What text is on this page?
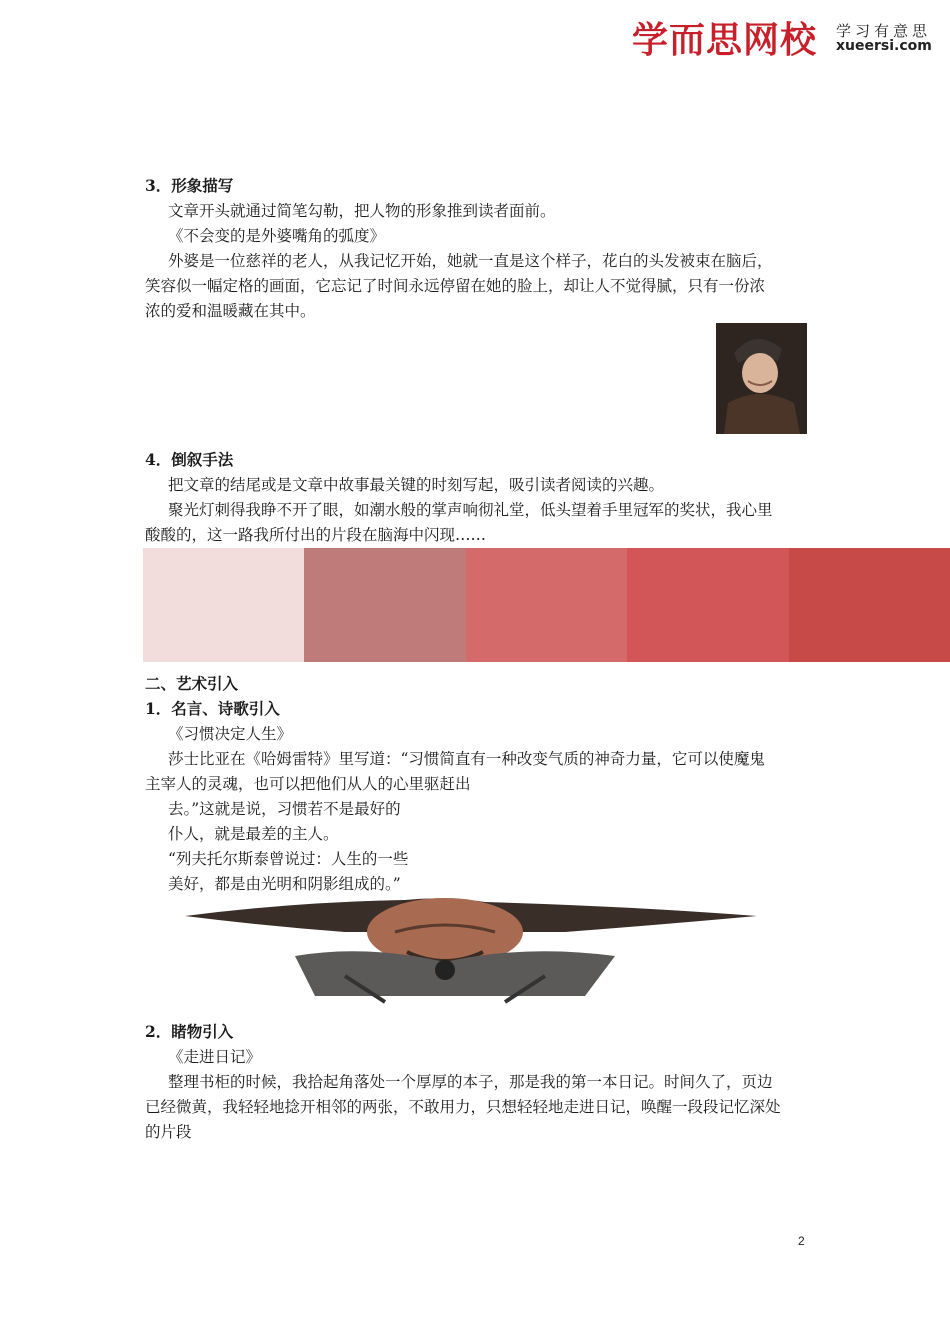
学而思网校 学习有意思
xueersi.com
3．形象描写
文章开头就通过简笔勾勒，把人物的形象推到读者面前。
《不会变的是外婆嘴角的弧度》
外婆是一位慈祥的老人，从我记忆开始，她就一直是这个样子，花白的头发被束在脑后，
笑容似一幅定格的画面，它忘记了时间永远停留在她的脸上，却让人不觉得腻，只有一份浓
浓的爱和温暖藏在其中。
4．倒叙手法
把文章的结尾或是文章中故事最关键的时刻写起，吸引读者阅读的兴趣。
聚光灯刺得我睁不开了眼，如潮水般的掌声响彻礼堂，低头望着手里冠军的奖状，我心里
酸酸的，这一路我所付出的片段在脑海中闪现……
二、艺术引入
1．名言、诗歌引入
《习惯决定人生》
莎士比亚在《哈姆雷特》里写道：“习惯简直有一种改变气质的神奇力量，它可以使魔鬼
主宰人的灵魂，也可以把他们从人的心里驱赶出
去。”这就是说，习惯若不是最好的
仆人，就是最差的主人。
“列夫托尔斯泰曾说过：人生的一些
美好，都是由光明和阴影组成的。”
2．睹物引入
《走进日记》
整理书柜的时候，我拾起角落处一个厚厚的本子，那是我的第一本日记。时间久了，页边
已经微黄，我轻轻地捻开相邻的两张，不敢用力，只想轻轻地走进日记，唤醒一段段记忆深处
的片段
2
